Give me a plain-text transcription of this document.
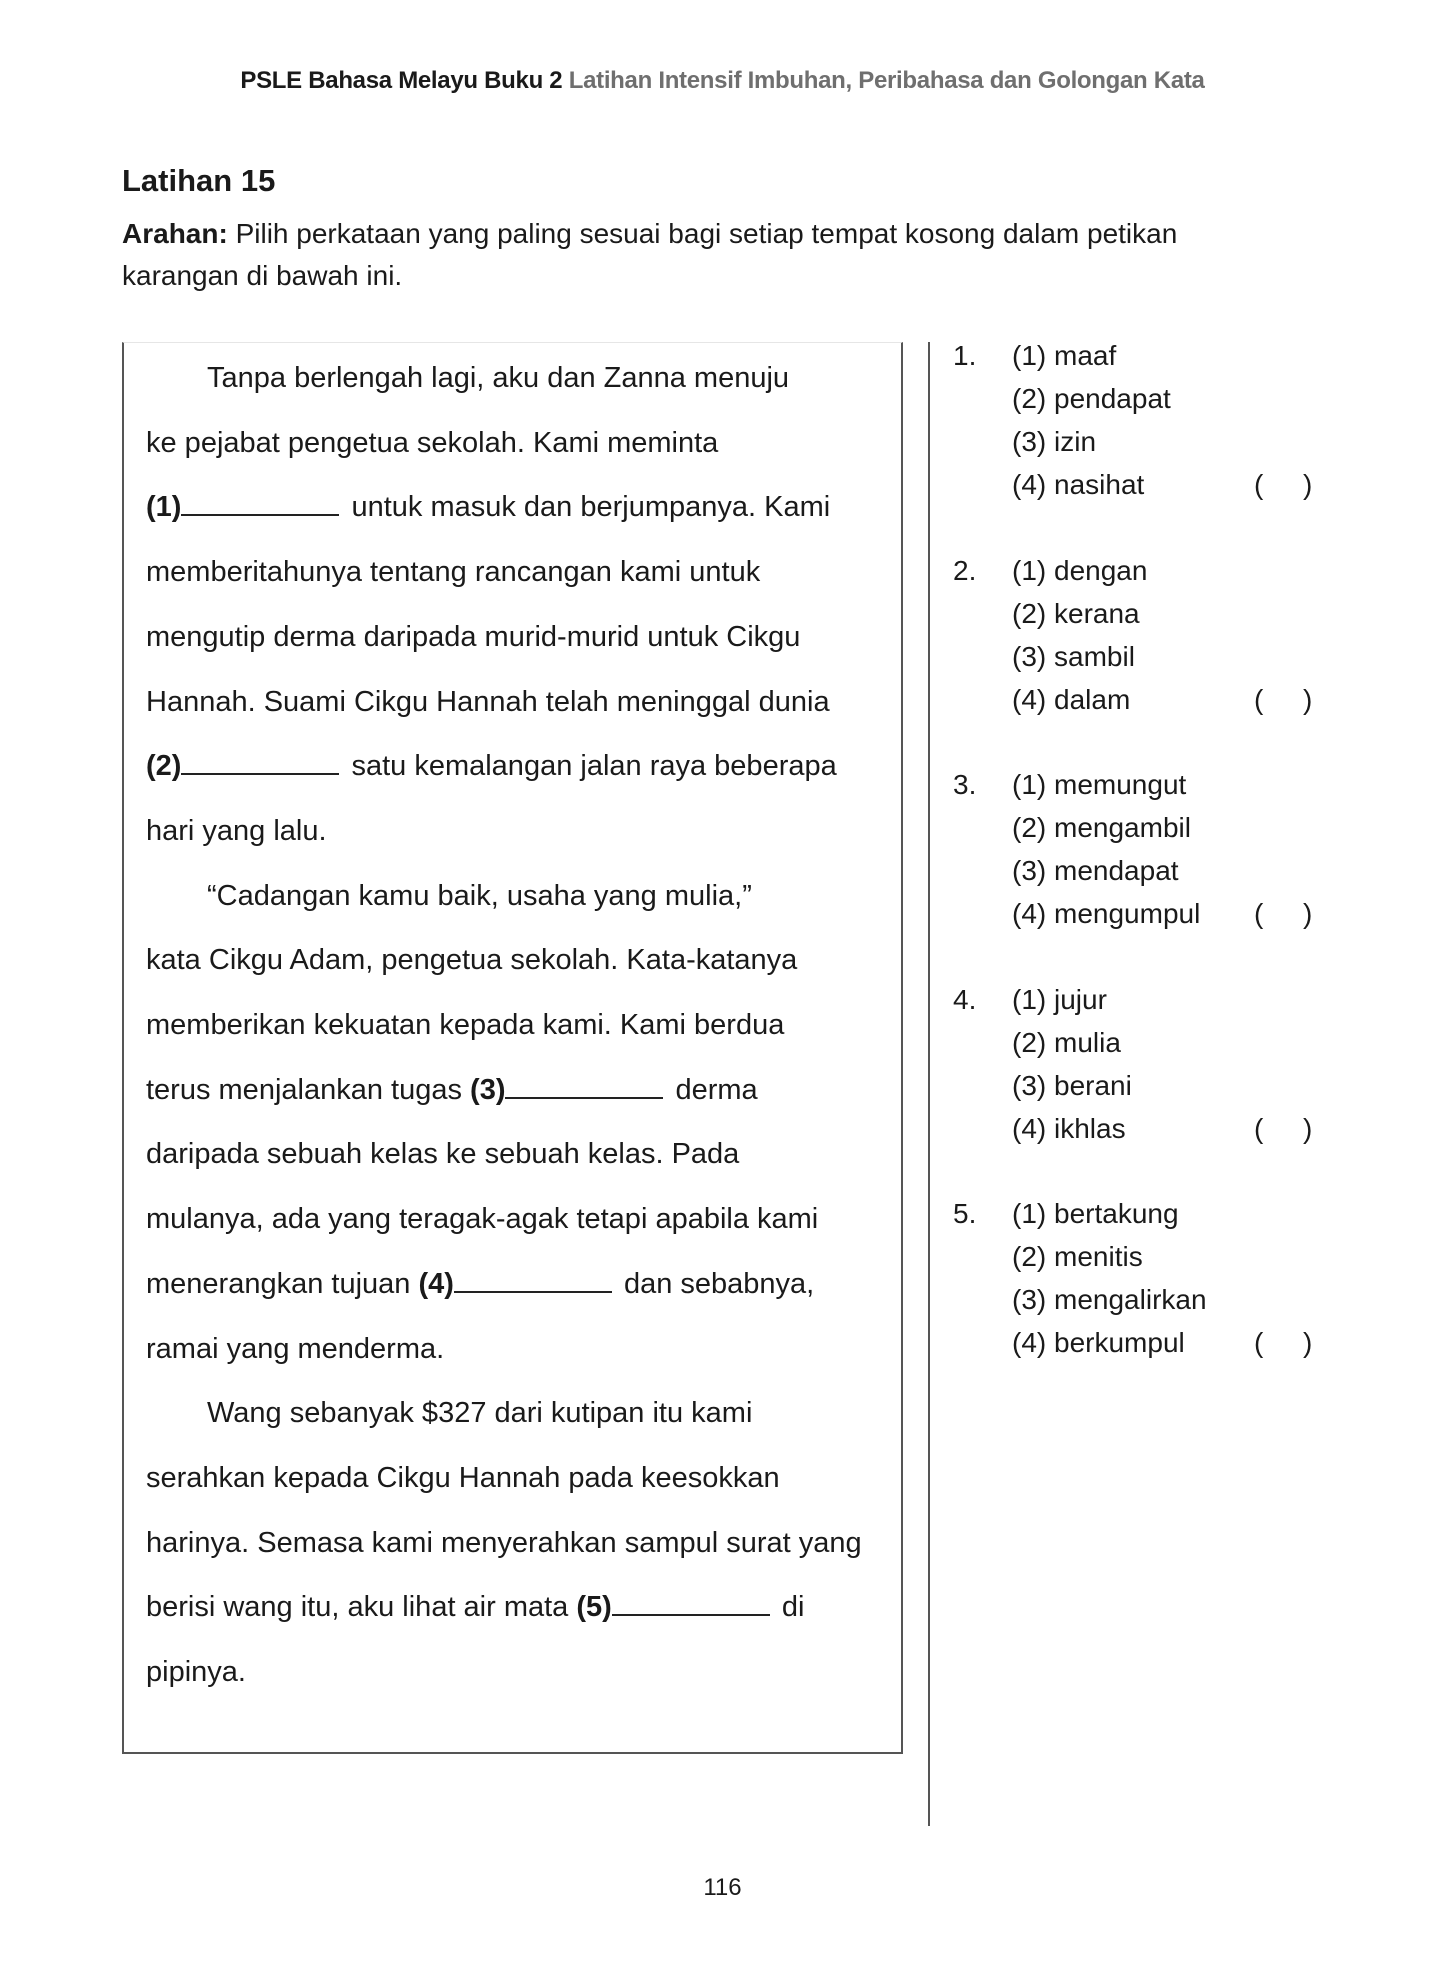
PSLE Bahasa Melayu Buku 2 Latihan Intensif Imbuhan, Peribahasa dan Golongan Kata
Latihan 15
Arahan: Pilih perkataan yang paling sesuai bagi setiap tempat kosong dalam petikan
karangan di bawah ini.
Tanpa berlengah lagi, aku dan Zanna menuju
ke pejabat pengetua sekolah. Kami meminta
(1)	untuk masuk dan berjumpanya. Kami
memberitahunya tentang rancangan kami untuk
mengutip derma daripada murid-murid untuk Cikgu
Hannah. Suami Cikgu Hannah telah meninggal dunia
(2)	satu kemalangan jalan raya beberapa
hari yang lalu.
“Cadangan kamu baik, usaha yang mulia,”
kata Cikgu Adam, pengetua sekolah. Kata-katanya
memberikan kekuatan kepada kami. Kami berdua
terus menjalankan tugas (3)	derma
daripada sebuah kelas ke sebuah kelas. Pada
mulanya, ada yang teragak-agak tetapi apabila kami
menerangkan tujuan (4)	dan sebabnya,
ramai yang menderma.
Wang sebanyak $327 dari kutipan itu kami
serahkan kepada Cikgu Hannah pada keesokkan
harinya. Semasa kami menyerahkan sampul surat yang
berisi wang itu, aku lihat air mata (5)	di
pipinya.
1. (1) maaf
(2) pendapat
(3) izin
(4) nasihat	( )
2. (1) dengan
(2) kerana
(3) sambil
(4) dalam	( )
3. (1) memungut
(2) mengambil
(3) mendapat
(4) mengumpul ( )
4. (1) jujur
(2) mulia
(3) berani
(4) ikhlas	( )
5. (1) bertakung
(2) menitis
(3) mengalirkan
(4) berkumpul ( )
116
